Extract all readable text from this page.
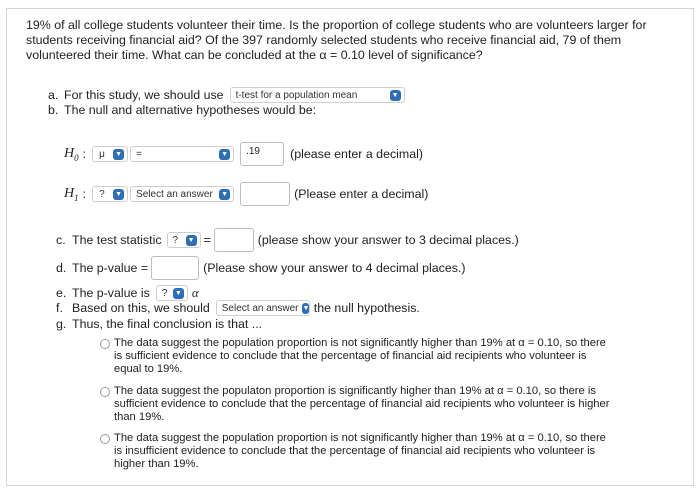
19% of all college students volunteer their time. Is the proportion of college students who are volunteers larger for students receiving financial aid? Of the 397 randomly selected students who receive financial aid, 79 of them volunteered their time. What can be concluded at the α = 0.10 level of significance?
a. For this study, we should use t-test for a population mean	▼
b. The null and alternative hypotheses would be:
$H_0$ : μ ▼ =	▼	.19	(please enter a decimal)
$H_1$ : ? ▼ Select an answer ▼	(Please enter a decimal)
c. The test statistic ? ▼ =	(please show your answer to 3 decimal places.)
d. The p-value =	(Please show your answer to 4 decimal places.)
e. The p-value is ? ▼ α
f. Based on this, we should Select an answer ▼ the null hypothesis.
g. Thus, the final conclusion is that ...
The data suggest the population proportion is not significantly higher than 19% at α = 0.10, so there is sufficient evidence to conclude that the percentage of financial aid recipients who volunteer is equal to 19%.
The data suggest the populaton proportion is significantly higher than 19% at α = 0.10, so there is sufficient evidence to conclude that the percentage of financial aid recipients who volunteer is higher than 19%.
The data suggest the population proportion is not significantly higher than 19% at α = 0.10, so there is insufficient evidence to conclude that the percentage of financial aid recipients who volunteer is higher than 19%.
